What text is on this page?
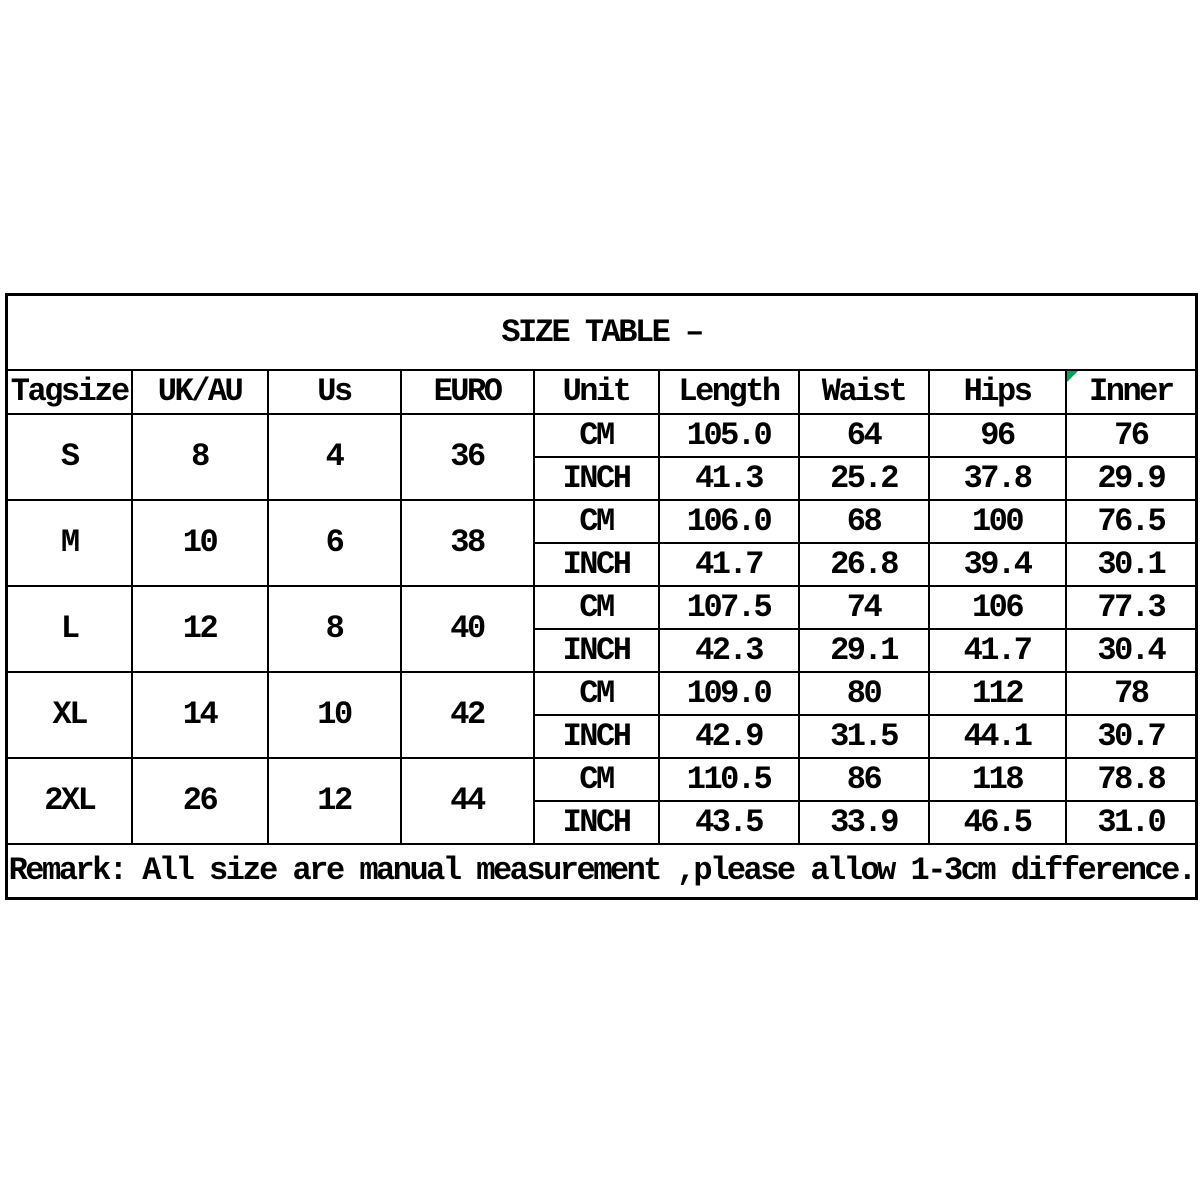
SIZE TABLE –								
Tagsize	UK/AU	Us	EURO	Unit	Length	Waist	Hips	Inner
S	8	4	36	CM	105.0	64	96	76
				INCH	41.3	25.2	37.8	29.9
M	10	6	38	CM	106.0	68	100	76.5
				INCH	41.7	26.8	39.4	30.1
L	12	8	40	CM	107.5	74	106	77.3
				INCH	42.3	29.1	41.7	30.4
XL	14	10	42	CM	109.0	80	112	78
				INCH	42.9	31.5	44.1	30.7
2XL	26	12	44	CM	110.5	86	118	78.8
				INCH	43.5	33.9	46.5	31.0
Remark: All size are manual measurement ,please allow 1-3cm difference.								
